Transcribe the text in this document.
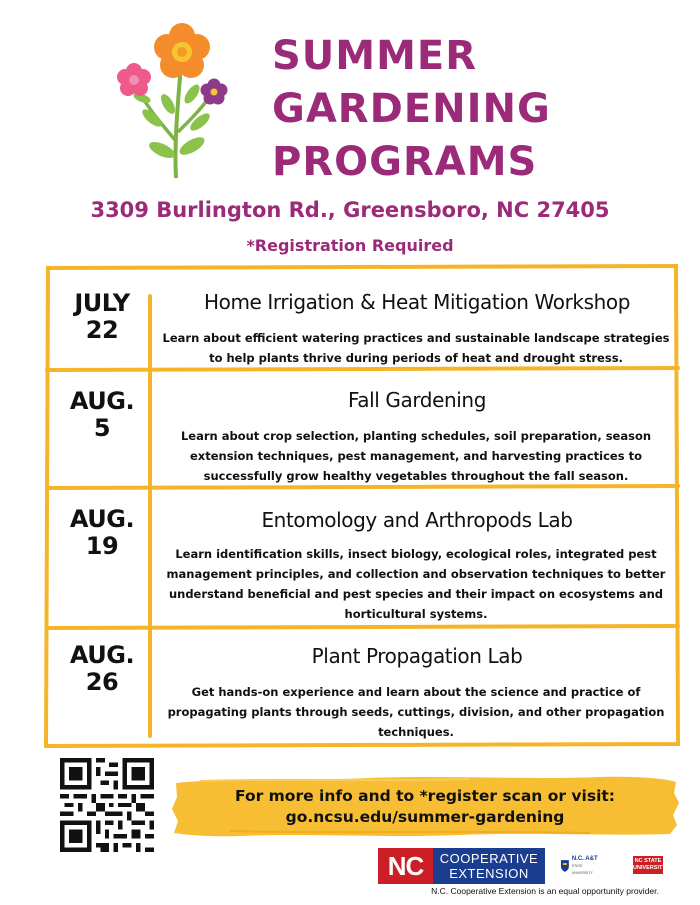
SUMMER
GARDENING
PROGRAMS
3309 Burlington Rd., Greensboro, NC 27405
*Registration Required
JULY
22
Home Irrigation & Heat Mitigation Workshop
Learn about efficient watering practices and sustainable landscape strategies to help plants thrive during periods of heat and drought stress.
AUG.
5
Fall Gardening
Learn about crop selection, planting schedules, soil preparation, season extension techniques, pest management, and harvesting practices to successfully grow healthy vegetables throughout the fall season.
AUG.
19
Entomology and Arthropods Lab
Learn identification skills, insect biology, ecological roles, integrated pest management principles, and collection and observation techniques to better understand beneficial and pest species and their impact on ecosystems and horticultural systems.
AUG.
26
Plant Propagation Lab
Get hands-on experience and learn about the science and practice of propagating plants through seeds, cuttings, division, and other propagation techniques.
For more info and to *register scan or visit:
go.ncsu.edu/summer-gardening
NC	COOPERATIVE
EXTENSION
N.C. A&T
STATE UNIVERSITY
NC STATE
UNIVERSITY
N.C. Cooperative Extension is an equal opportunity provider.
